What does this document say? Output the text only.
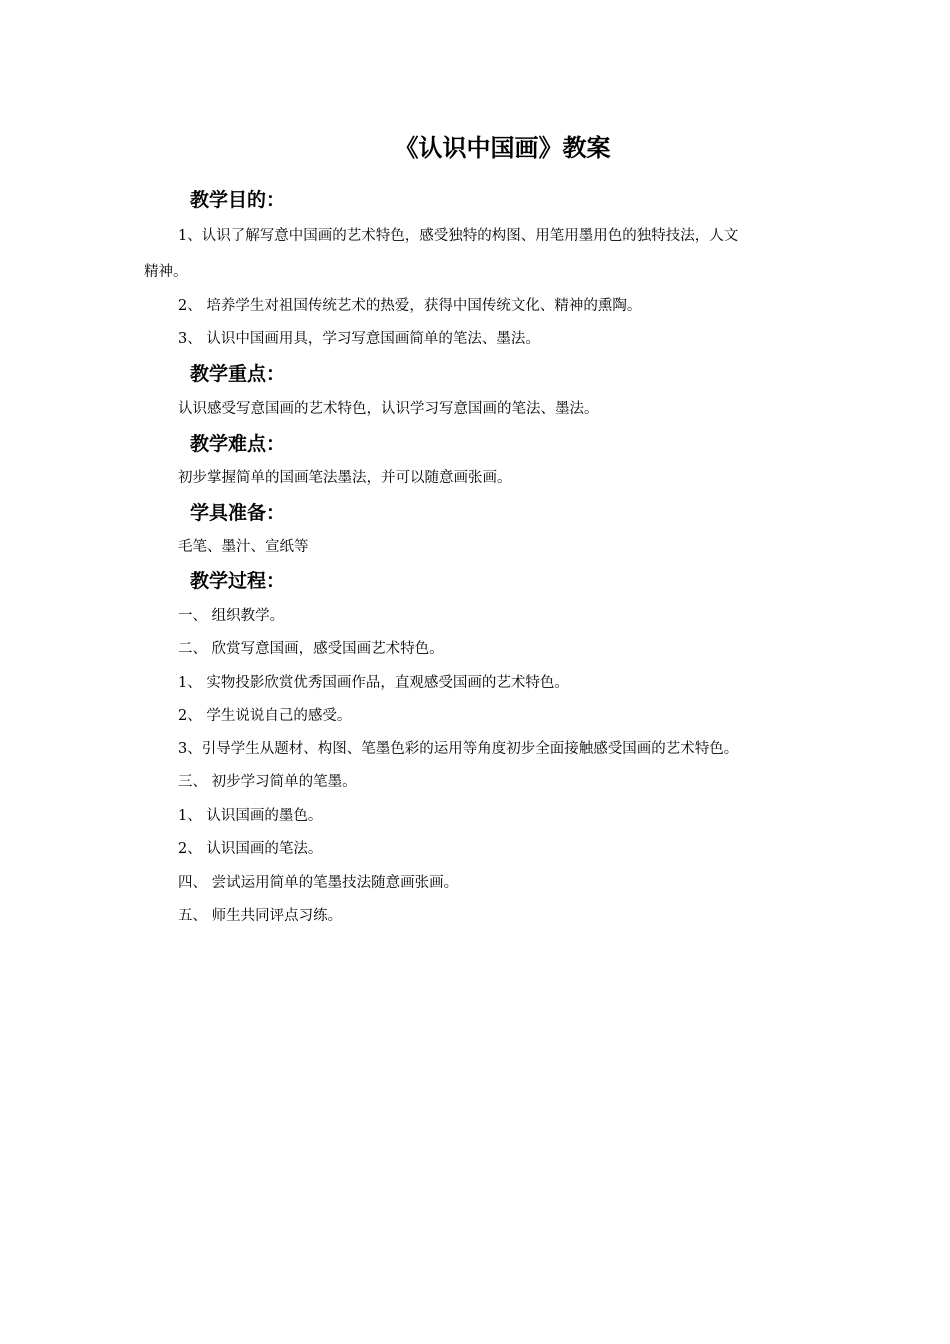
《认识中国画》教案
教学目的：
1、认识了解写意中国画的艺术特色，感受独特的构图、用笔用墨用色的独特技法，人文
精神。
2、 培养学生对祖国传统艺术的热爱，获得中国传统文化、精神的熏陶。
3、 认识中国画用具，学习写意国画简单的笔法、墨法。
教学重点：
认识感受写意国画的艺术特色，认识学习写意国画的笔法、墨法。
教学难点：
初步掌握简单的国画笔法墨法，并可以随意画张画。
学具准备：
毛笔、墨汁、宣纸等
教学过程：
一、 组织教学。
二、 欣赏写意国画，感受国画艺术特色。
1、 实物投影欣赏优秀国画作品，直观感受国画的艺术特色。
2、 学生说说自己的感受。
3、引导学生从题材、构图、笔墨色彩的运用等角度初步全面接触感受国画的艺术特色。
三、 初步学习简单的笔墨。
1、 认识国画的墨色。
2、 认识国画的笔法。
四、 尝试运用简单的笔墨技法随意画张画。
五、 师生共同评点习练。
